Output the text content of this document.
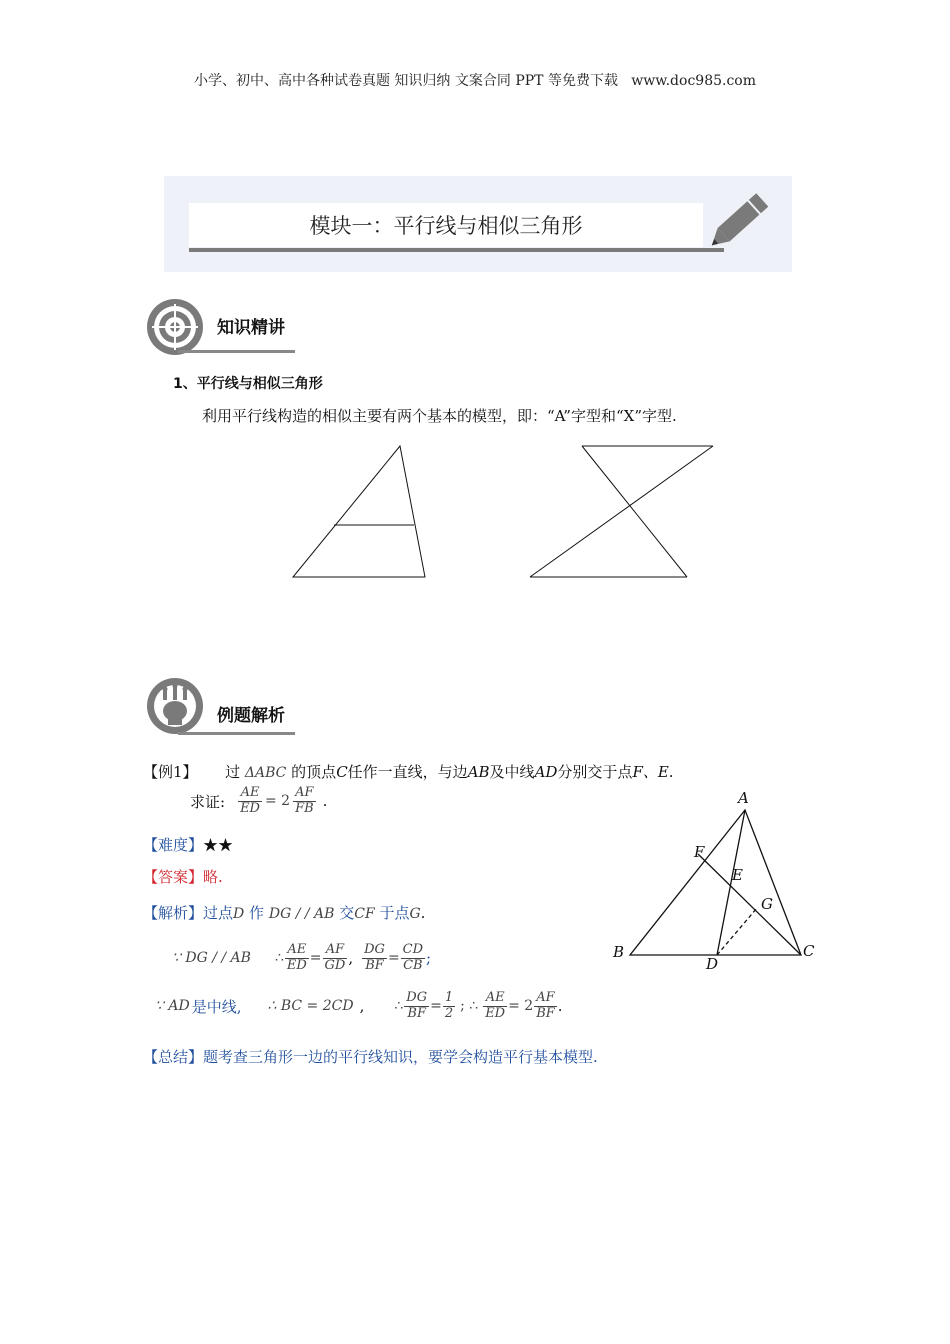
小学、初中、高中各种试卷真题 知识归纳 文案合同 PPT 等免费下载   www.doc985.com
模块一：平行线与相似三角形
知识精讲
1、平行线与相似三角形
利用平行线构造的相似主要有两个基本的模型，即：“A”字型和“X”字型.
例题解析
【例1】 过 ΔABC 的顶点C任作一直线，与边AB及中线AD分别交于点F、E.
求证: $\frac{AE}{ED} = 2 \frac{AF}{FB}$ .
【难度】★★
【答案】略.
【解析】过点D 作 DG / / AB 交CF 于点G.
∵ DG / / AB ∴ $\frac{AE}{ED} = \frac{AF}{GD}$ , $\frac{DG}{BF} = \frac{CD}{CB}$ ;
∵ AD 是中线, ∴ BC = 2CD , ∴ $\frac{DG}{BF} = \frac{1}{2}$ ; ∴ $\frac{AE}{ED} = 2 \frac{AF}{BF}$ .
【总结】题考查三角形一边的平行线知识，要学会构造平行基本模型.
A
B	C
D
E
F
G
